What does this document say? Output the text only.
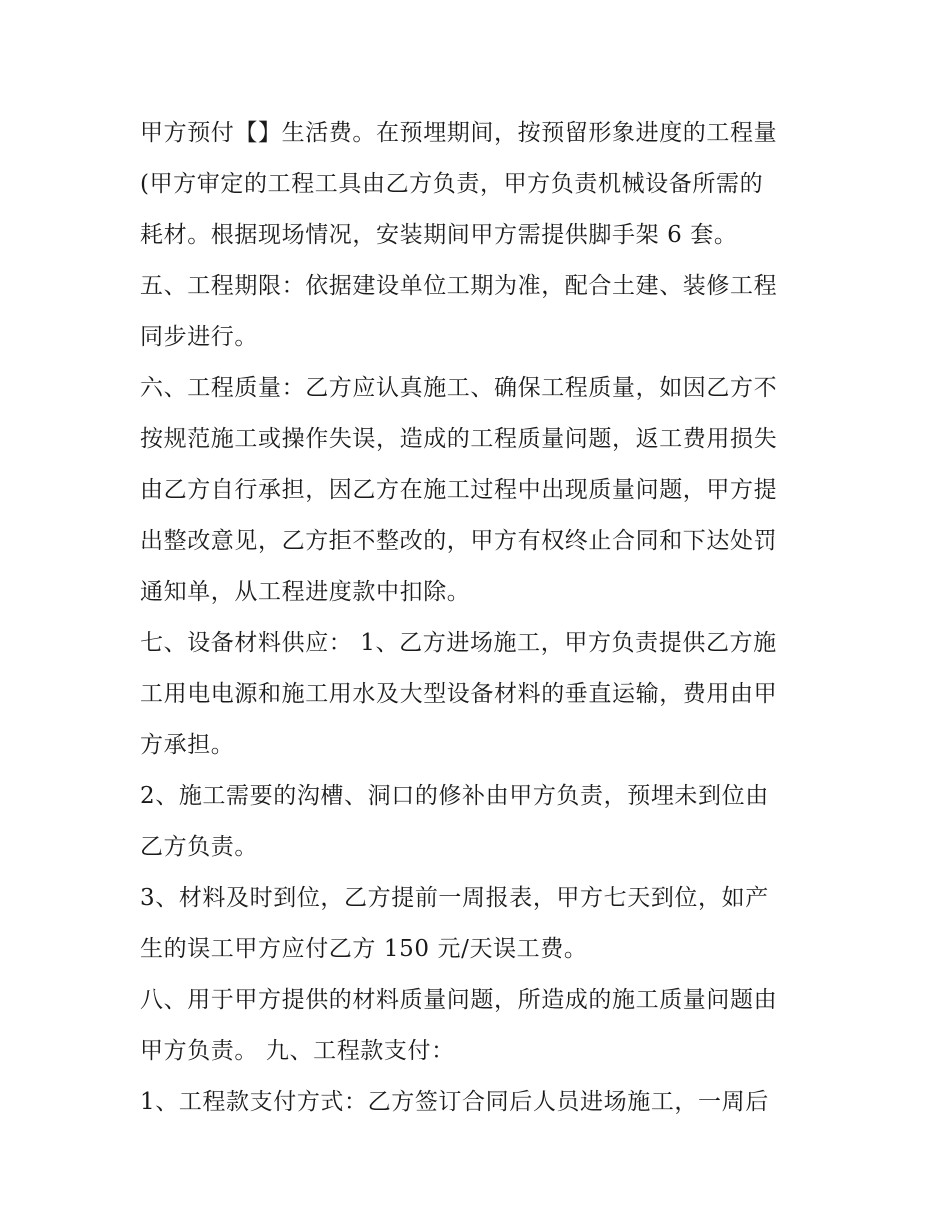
甲方预付【】生活费。在预埋期间，按预留形象进度的工程量
(甲方审定的工程工具由乙方负责，甲方负责机械设备所需的
耗材。根据现场情况，安装期间甲方需提供脚手架 6 套。
五、工程期限：依据建设单位工期为准，配合土建、装修工程
同步进行。
六、工程质量：乙方应认真施工、确保工程质量，如因乙方不
按规范施工或操作失误，造成的工程质量问题，返工费用损失
由乙方自行承担，因乙方在施工过程中出现质量问题，甲方提
出整改意见，乙方拒不整改的，甲方有权终止合同和下达处罚
通知单，从工程进度款中扣除。
七、设备材料供应： 1、乙方进场施工，甲方负责提供乙方施
工用电电源和施工用水及大型设备材料的垂直运输，费用由甲
方承担。
2、施工需要的沟槽、洞口的修补由甲方负责，预埋未到位由
乙方负责。
3、材料及时到位，乙方提前一周报表，甲方七天到位，如产
生的误工甲方应付乙方 150 元/天误工费。
八、用于甲方提供的材料质量问题，所造成的施工质量问题由
甲方负责。 九、工程款支付：
1、工程款支付方式：乙方签订合同后人员进场施工，一周后
